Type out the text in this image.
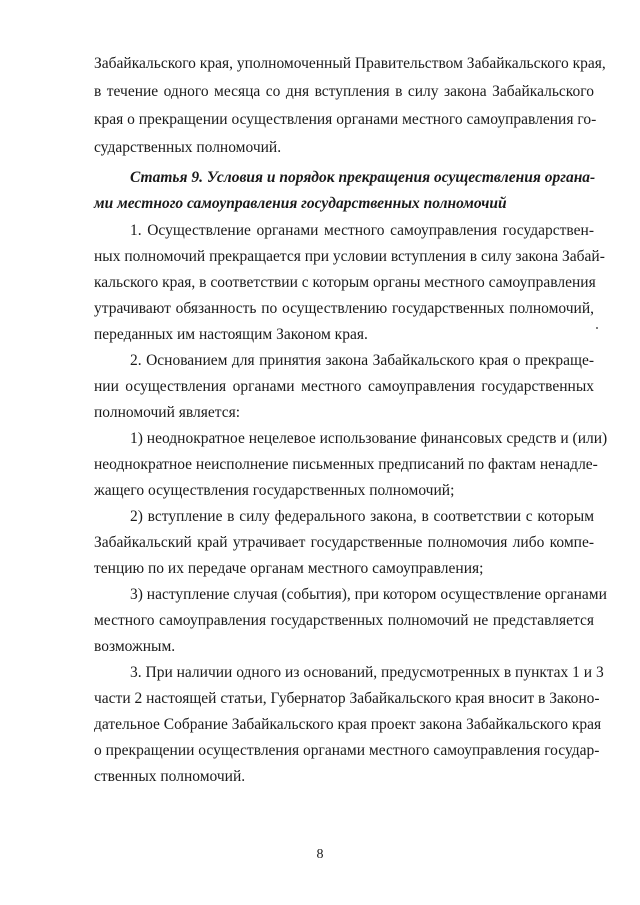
Забайкальского края, уполномоченный Правительством Забайкальского края,
в течение одного месяца со дня вступления в силу закона Забайкальского
края о прекращении осуществления органами местного самоуправления го-
сударственных полномочий.
Статья 9. Условия и порядок прекращения осуществления органа-
ми местного самоуправления государственных полномочий
1. Осуществление органами местного самоуправления государствен-
ных полномочий прекращается при условии вступления в силу закона Забай-
кальского края, в соответствии с которым органы местного самоуправления
утрачивают обязанность по осуществлению государственных полномочий,
переданных им настоящим Законом края.
2. Основанием для принятия закона Забайкальского края о прекраще-
нии осуществления органами местного самоуправления государственных
полномочий является:
1) неоднократное нецелевое использование финансовых средств и (или)
неоднократное неисполнение письменных предписаний по фактам ненадле-
жащего осуществления государственных полномочий;
2) вступление в силу федерального закона, в соответствии с которым
Забайкальский край утрачивает государственные полномочия либо компе-
тенцию по их передаче органам местного самоуправления;
3) наступление случая (события), при котором осуществление органами
местного самоуправления государственных полномочий не представляется
возможным.
3. При наличии одного из оснований, предусмотренных в пунктах 1 и 3
части 2 настоящей статьи, Губернатор Забайкальского края вносит в Законо-
дательное Собрание Забайкальского края проект закона Забайкальского края
о прекращении осуществления органами местного самоуправления государ-
ственных полномочий.
8
